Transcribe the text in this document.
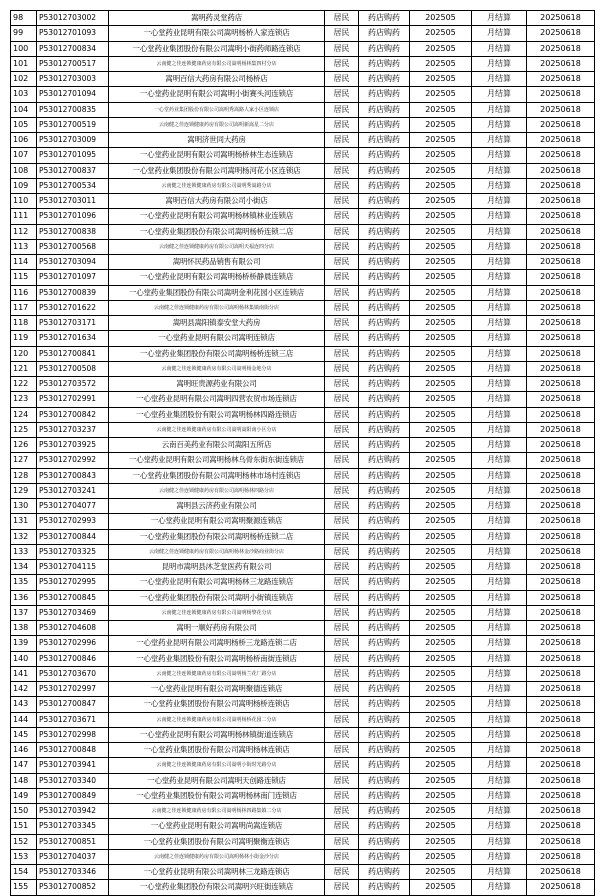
98	P53012703002	嵩明药灵堂药店	居民	药店购药	202505	月结算	20250618
99	P53012701093	一心堂药业昆明有限公司嵩明杨桥人家连锁店	居民	药店购药	202505	月结算	20250618
100	P53012700834	一心堂药业集团股份有限公司嵩明小街药师路连锁店	居民	药店购药	202505	月结算	20250618
101	P53012700517	云南健之佳连锁健康药房有限公司嵩明杨林集四村分店	居民	药店购药	202505	月结算	20250618
102	P53012703003	嵩明百信大药房有限公司杨桥店	居民	药店购药	202505	月结算	20250618
103	P53012701094	一心堂药业昆明有限公司嵩明小街赛头河连锁店	居民	药店购药	202505	月结算	20250618
104	P53012700835	一心堂药业集团股份有限公司嵩明秀嵩路人家小区连锁店	居民	药店购药	202505	月结算	20250618
105	P53012700519	云南健之佳连锁健康药房有限公司嵩明新嵩星二分店	居民	药店购药	202505	月结算	20250618
106	P53012703009	嵩明济世同大药房	居民	药店购药	202505	月结算	20250618
107	P53012701095	一心堂药业昆明有限公司嵩明杨桥林生态连锁店	居民	药店购药	202505	月结算	20250618
108	P53012700837	一心堂药业集团股份有限公司嵩明杨河花小区连锁店	居民	药店购药	202505	月结算	20250618
109	P53012700534	云南健之佳连锁健康药房有限公司嵩明秀嵩路分店	居民	药店购药	202505	月结算	20250618
110	P53012703011	嵩明百信大药房有限公司小街店	居民	药店购药	202505	月结算	20250618
111	P53012701096	一心堂药业昆明有限公司嵩明杨林镇林业连锁店	居民	药店购药	202505	月结算	20250618
112	P53012700838	一心堂药业集团股份有限公司嵩明杨桥连锁二店	居民	药店购药	202505	月结算	20250618
113	P53012700568	云南健之佳连锁健康药房有限公司嵩明天福连四分店	居民	药店购药	202505	月结算	20250618
114	P53012703094	嵩明怀民药品销售有限公司	居民	药店购药	202505	月结算	20250618
115	P53012701097	一心堂药业昆明有限公司嵩明杨桥桥静晨连锁店	居民	药店购药	202505	月结算	20250618
116	P53012700839	一心堂药业集团股份有限公司嵩明金利花园小区连锁店	居民	药店购药	202505	月结算	20250618
117	P53012701622	云南健之佳连锁健康药房有限公司嵩明杨林集镇南街分店	居民	药店购药	202505	月结算	20250618
118	P53012703171	嵩明县嵩阳镇泰安堂大药房	居民	药店购药	202505	月结算	20250618
119	P53012701634	一心堂药业昆明有限公司嵩明连锁店	居民	药店购药	202505	月结算	20250618
120	P53012700841	一心堂药业集团股份有限公司嵩明杨桥连锁三店	居民	药店购药	202505	月结算	20250618
121	P53012700508	云南健之佳连锁健康药房有限公司嵩明杨金地分店	居民	药店购药	202505	月结算	20250618
122	P53012703572	嵩明旺贵源药业有限公司	居民	药店购药	202505	月结算	20250618
123	P53012702991	一心堂药业昆明有限公司嵩明四营农贸市场连锁店	居民	药店购药	202505	月结算	20250618
124	P53012700842	一心堂药业集团股份有限公司嵩明杨林四路连锁店	居民	药店购药	202505	月结算	20250618
125	P53012703237	云南健之佳连锁健康药房有限公司嵩明嵩阳南小区分店	居民	药店购药	202505	月结算	20250618
126	P53012703925	云南百美药业有限公司嵩阳五所店	居民	药店购药	202505	月结算	20250618
127	P53012702992	一心堂药业昆明有限公司嵩明杨林乌骨东街东街连锁店	居民	药店购药	202505	月结算	20250618
128	P53012700843	一心堂药业集团股份有限公司嵩明杨林市场村连锁店	居民	药店购药	202505	月结算	20250618
129	P53012703241	云南健之佳连锁健康药房有限公司嵩明杨林四路分店	居民	药店购药	202505	月结算	20250618
130	P53012704077	嵩明县云济药业有限公司	居民	药店购药	202505	月结算	20250618
131	P53012702993	一心堂药业昆明有限公司嵩明聚源连锁店	居民	药店购药	202505	月结算	20250618
132	P53012700844	一心堂药业集团股份有限公司嵩明杨桥连锁二店	居民	药店购药	202505	月结算	20250618
133	P53012703325	云南健之佳连锁健康药房有限公司嵩明杨林金沙路商业街分店	居民	药店购药	202505	月结算	20250618
134	P53012704115	昆明市嵩明县沐芝堂医药有限公司	居民	药店购药	202505	月结算	20250618
135	P53012702995	一心堂药业昆明有限公司嵩明杨林三龙路连锁店	居民	药店购药	202505	月结算	20250618
136	P53012700845	一心堂药业集团股份有限公司嵩明小街镇连锁店	居民	药店购药	202505	月结算	20250618
137	P53012703469	云南健之佳连锁健康药房有限公司嵩明杨黎花分店	居民	药店购药	202505	月结算	20250618
138	P53012704608	嵩明一顺好药房有限公司	居民	药店购药	202505	月结算	20250618
139	P53012702996	一心堂药业昆明有限公司嵩明杨桥三龙路连锁二店	居民	药店购药	202505	月结算	20250618
140	P53012700846	一心堂药业集团股份有限公司嵩明杨桥南街连锁店	居民	药店购药	202505	月结算	20250618
141	P53012703670	云南健之佳连锁健康药房有限公司嵩明杨兰花厂路分店	居民	药店购药	202505	月结算	20250618
142	P53012702997	一心堂药业昆明有限公司嵩明聚德连锁店	居民	药店购药	202505	月结算	20250618
143	P53012700847	一心堂药业集团股份有限公司嵩明杨桥连锁店	居民	药店购药	202505	月结算	20250618
144	P53012703671	云南健之佳连锁健康药房有限公司嵩明杨桥花园二分店	居民	药店购药	202505	月结算	20250618
145	P53012702998	一心堂药业昆明有限公司嵩明杨林镇街道连锁店	居民	药店购药	202505	月结算	20250618
146	P53012700848	一心堂药业集团股份有限公司嵩明杨林连锁店	居民	药店购药	202505	月结算	20250618
147	P53012703941	云南健之佳连锁健康药房有限公司嵩明小街时光路分店	居民	药店购药	202505	月结算	20250618
148	P53012703340	一心堂药业昆明有限公司嵩明天创路连锁店	居民	药店购药	202505	月结算	20250618
149	P53012700849	一心堂药业集团股份有限公司嵩明杨林南门连锁店	居民	药店购药	202505	月结算	20250618
150	P53012703942	云南健之佳连锁健康药房有限公司嵩明杨林四路集镇二分店	居民	药店购药	202505	月结算	20250618
151	P53012703345	一心堂药业昆明有限公司嵩明尚嵩连锁店	居民	药店购药	202505	月结算	20250618
152	P53012700851	一心堂药业集团股份有限公司嵩明聚衡连锁店	居民	药店购药	202505	月结算	20250618
153	P53012704037	云南健之佳连锁健康药房有限公司嵩明杨林小街金沙分店	居民	药店购药	202505	月结算	20250618
154	P53012703346	一心堂药业昆明有限公司嵩明林三龙路连锁店	居民	药店购药	202505	月结算	20250618
155	P53012700852	一心堂药业集团股份有限公司嵩明兴旺街连锁店	居民	药店购药	202505	月结算	20250618
